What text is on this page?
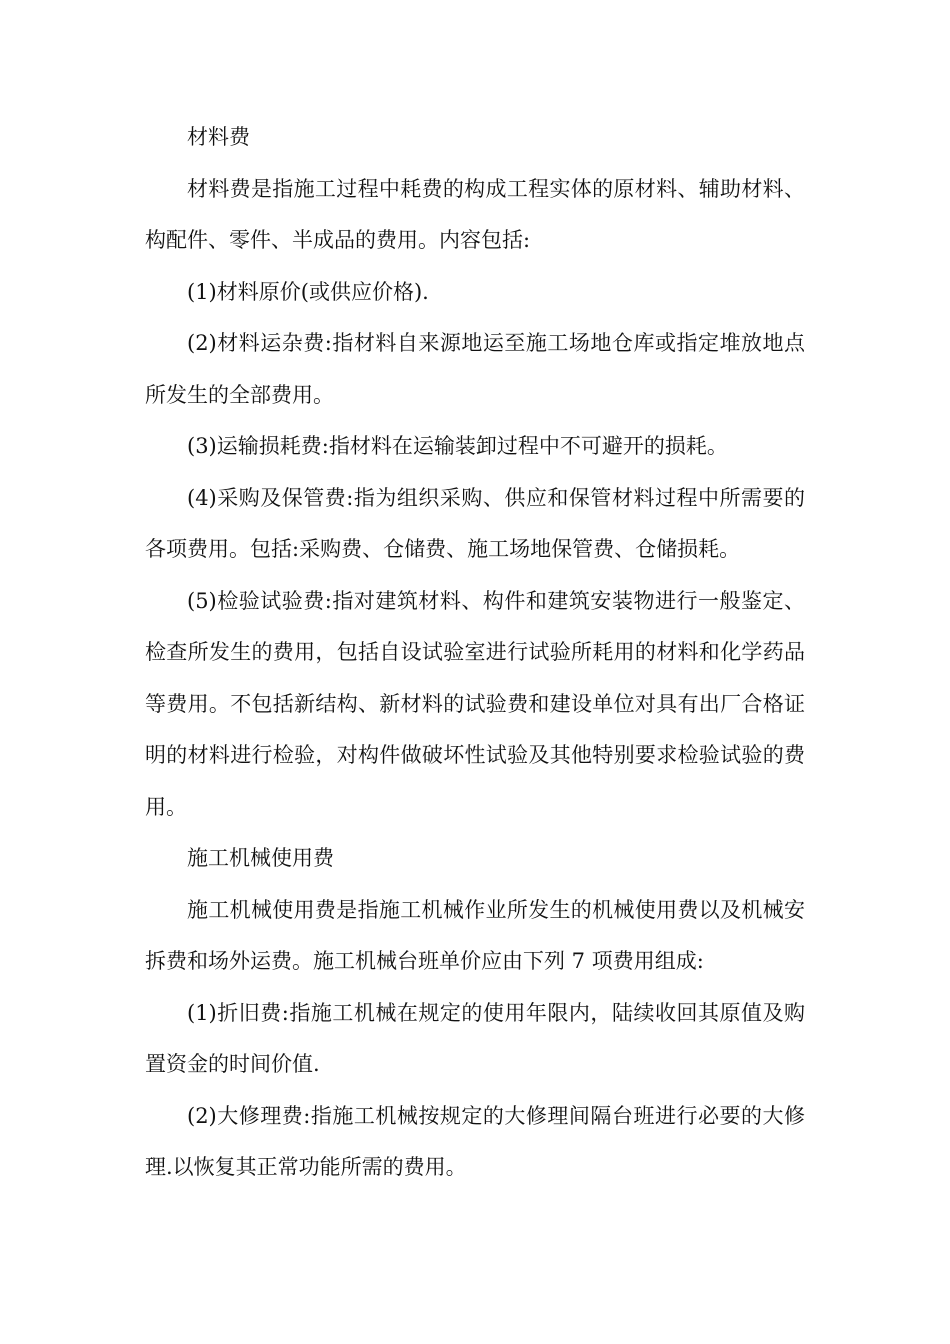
材料费

材料费是指施工过程中耗费的构成工程实体的原材料、辅助材料、构配件、零件、半成品的费用。内容包括:

(1)材料原价(或供应价格).

(2)材料运杂费:指材料自来源地运至施工场地仓库或指定堆放地点所发生的全部费用。

(3)运输损耗费:指材料在运输装卸过程中不可避开的损耗。

(4)采购及保管费:指为组织采购、供应和保管材料过程中所需要的各项费用。包括:采购费、仓储费、施工场地保管费、仓储损耗。

(5)检验试验费:指对建筑材料、构件和建筑安装物进行一般鉴定、检查所发生的费用，包括自设试验室进行试验所耗用的材料和化学药品等费用。不包括新结构、新材料的试验费和建设单位对具有出厂合格证明的材料进行检验，对构件做破坏性试验及其他特别要求检验试验的费用。

施工机械使用费

施工机械使用费是指施工机械作业所发生的机械使用费以及机械安拆费和场外运费。施工机械台班单价应由下列 7 项费用组成:

(1)折旧费:指施工机械在规定的使用年限内，陆续收回其原值及购置资金的时间价值.

(2)大修理费:指施工机械按规定的大修理间隔台班进行必要的大修理.以恢复其正常功能所需的费用。
